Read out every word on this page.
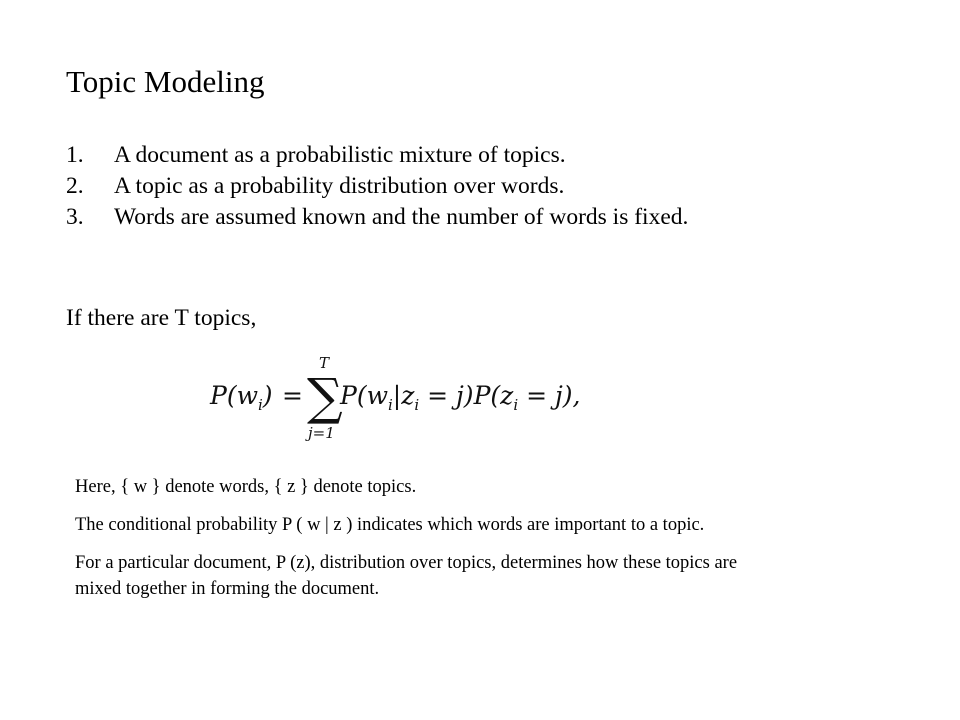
Topic Modeling
1.	A document as a probabilistic mixture of topics.
2.	A topic as a probability distribution over words.
3.	Words are assumed known and the number of words is fixed.
If there are T topics,
$P(w_i)$ =
T
∑
j=1
$P(w_i|z_i = j)P(z_i = j)$,

Here, { w } denote words, { z } denote topics.

The conditional probability P ( w | z ) indicates which words are important to a topic.

For a particular document, P (z), distribution over topics, determines how these topics are mixed together in forming the document.
